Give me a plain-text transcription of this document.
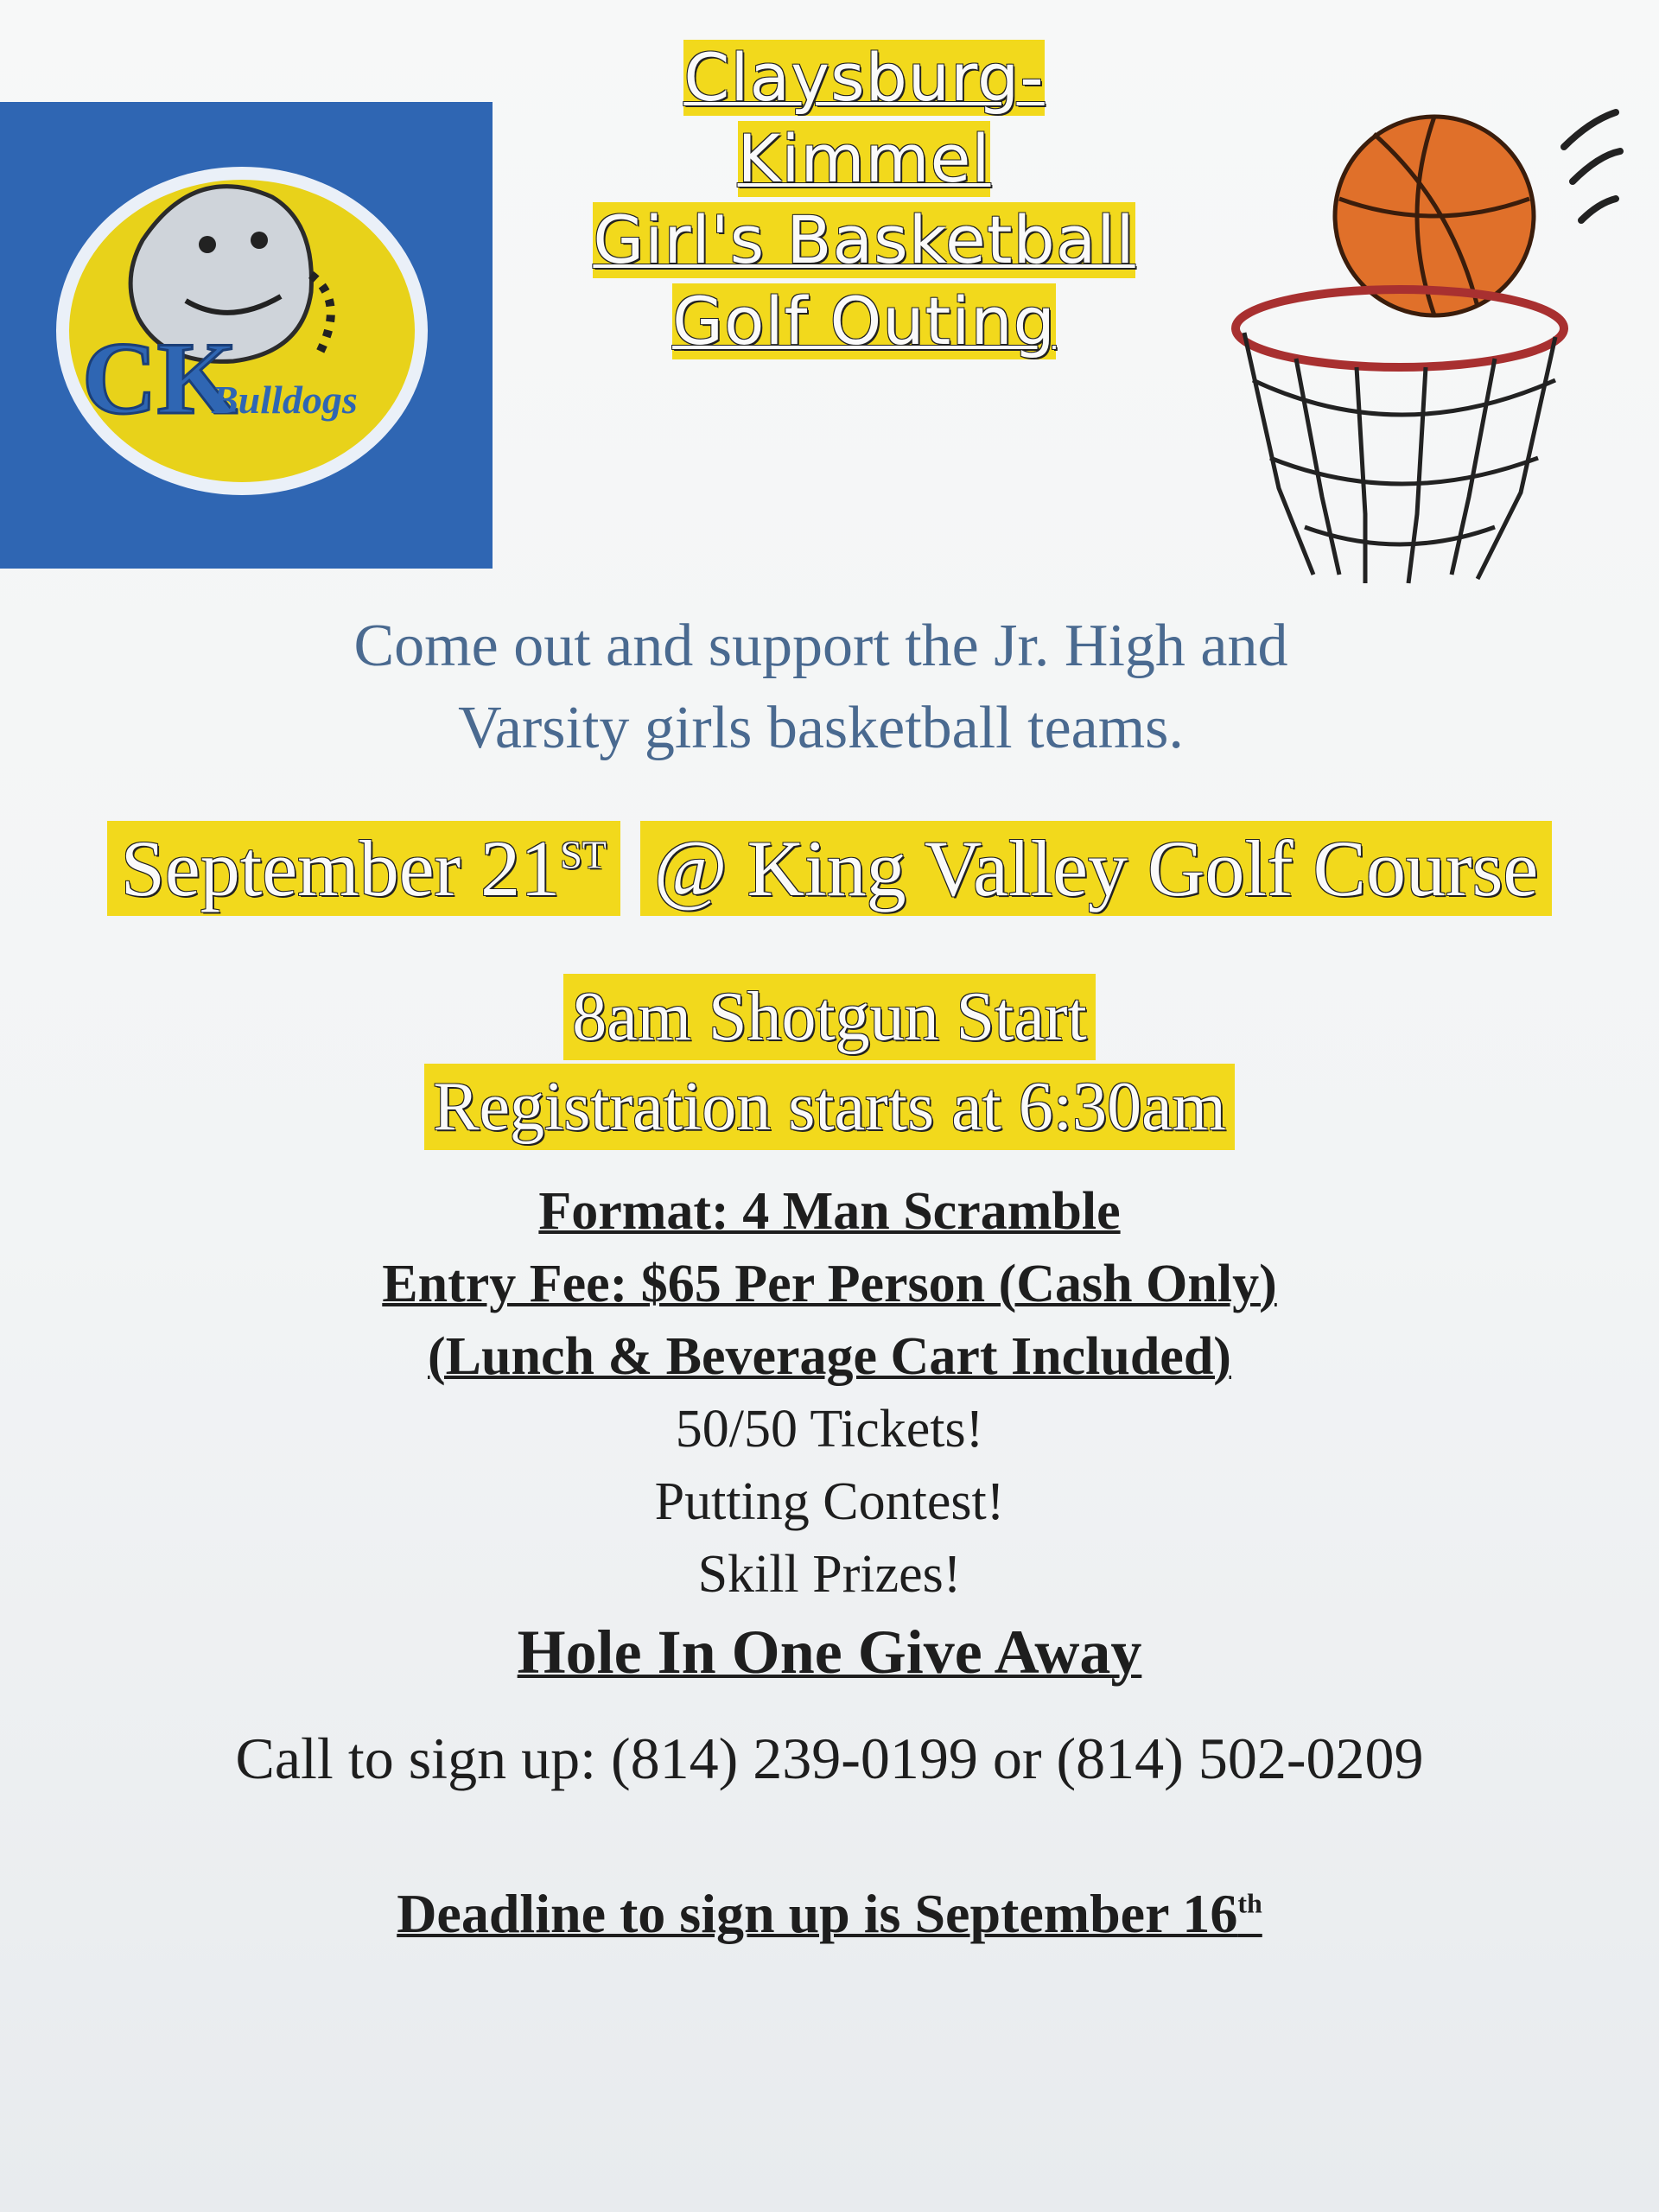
CK
Bulldogs
Claysburg-
Kimmel
Girl's Basketball
Golf Outing
Come out and support the Jr. High and
Varsity girls basketball teams.
September 21ST @ King Valley Golf Course
8am Shotgun Start
Registration starts at 6:30am
Format: 4 Man Scramble
Entry Fee: $65 Per Person (Cash Only)
(Lunch & Beverage Cart Included)
50/50 Tickets!
Putting Contest!
Skill Prizes!
Hole In One Give Away
Call to sign up: (814) 239-0199 or (814) 502-0209
Deadline to sign up is September 16th
